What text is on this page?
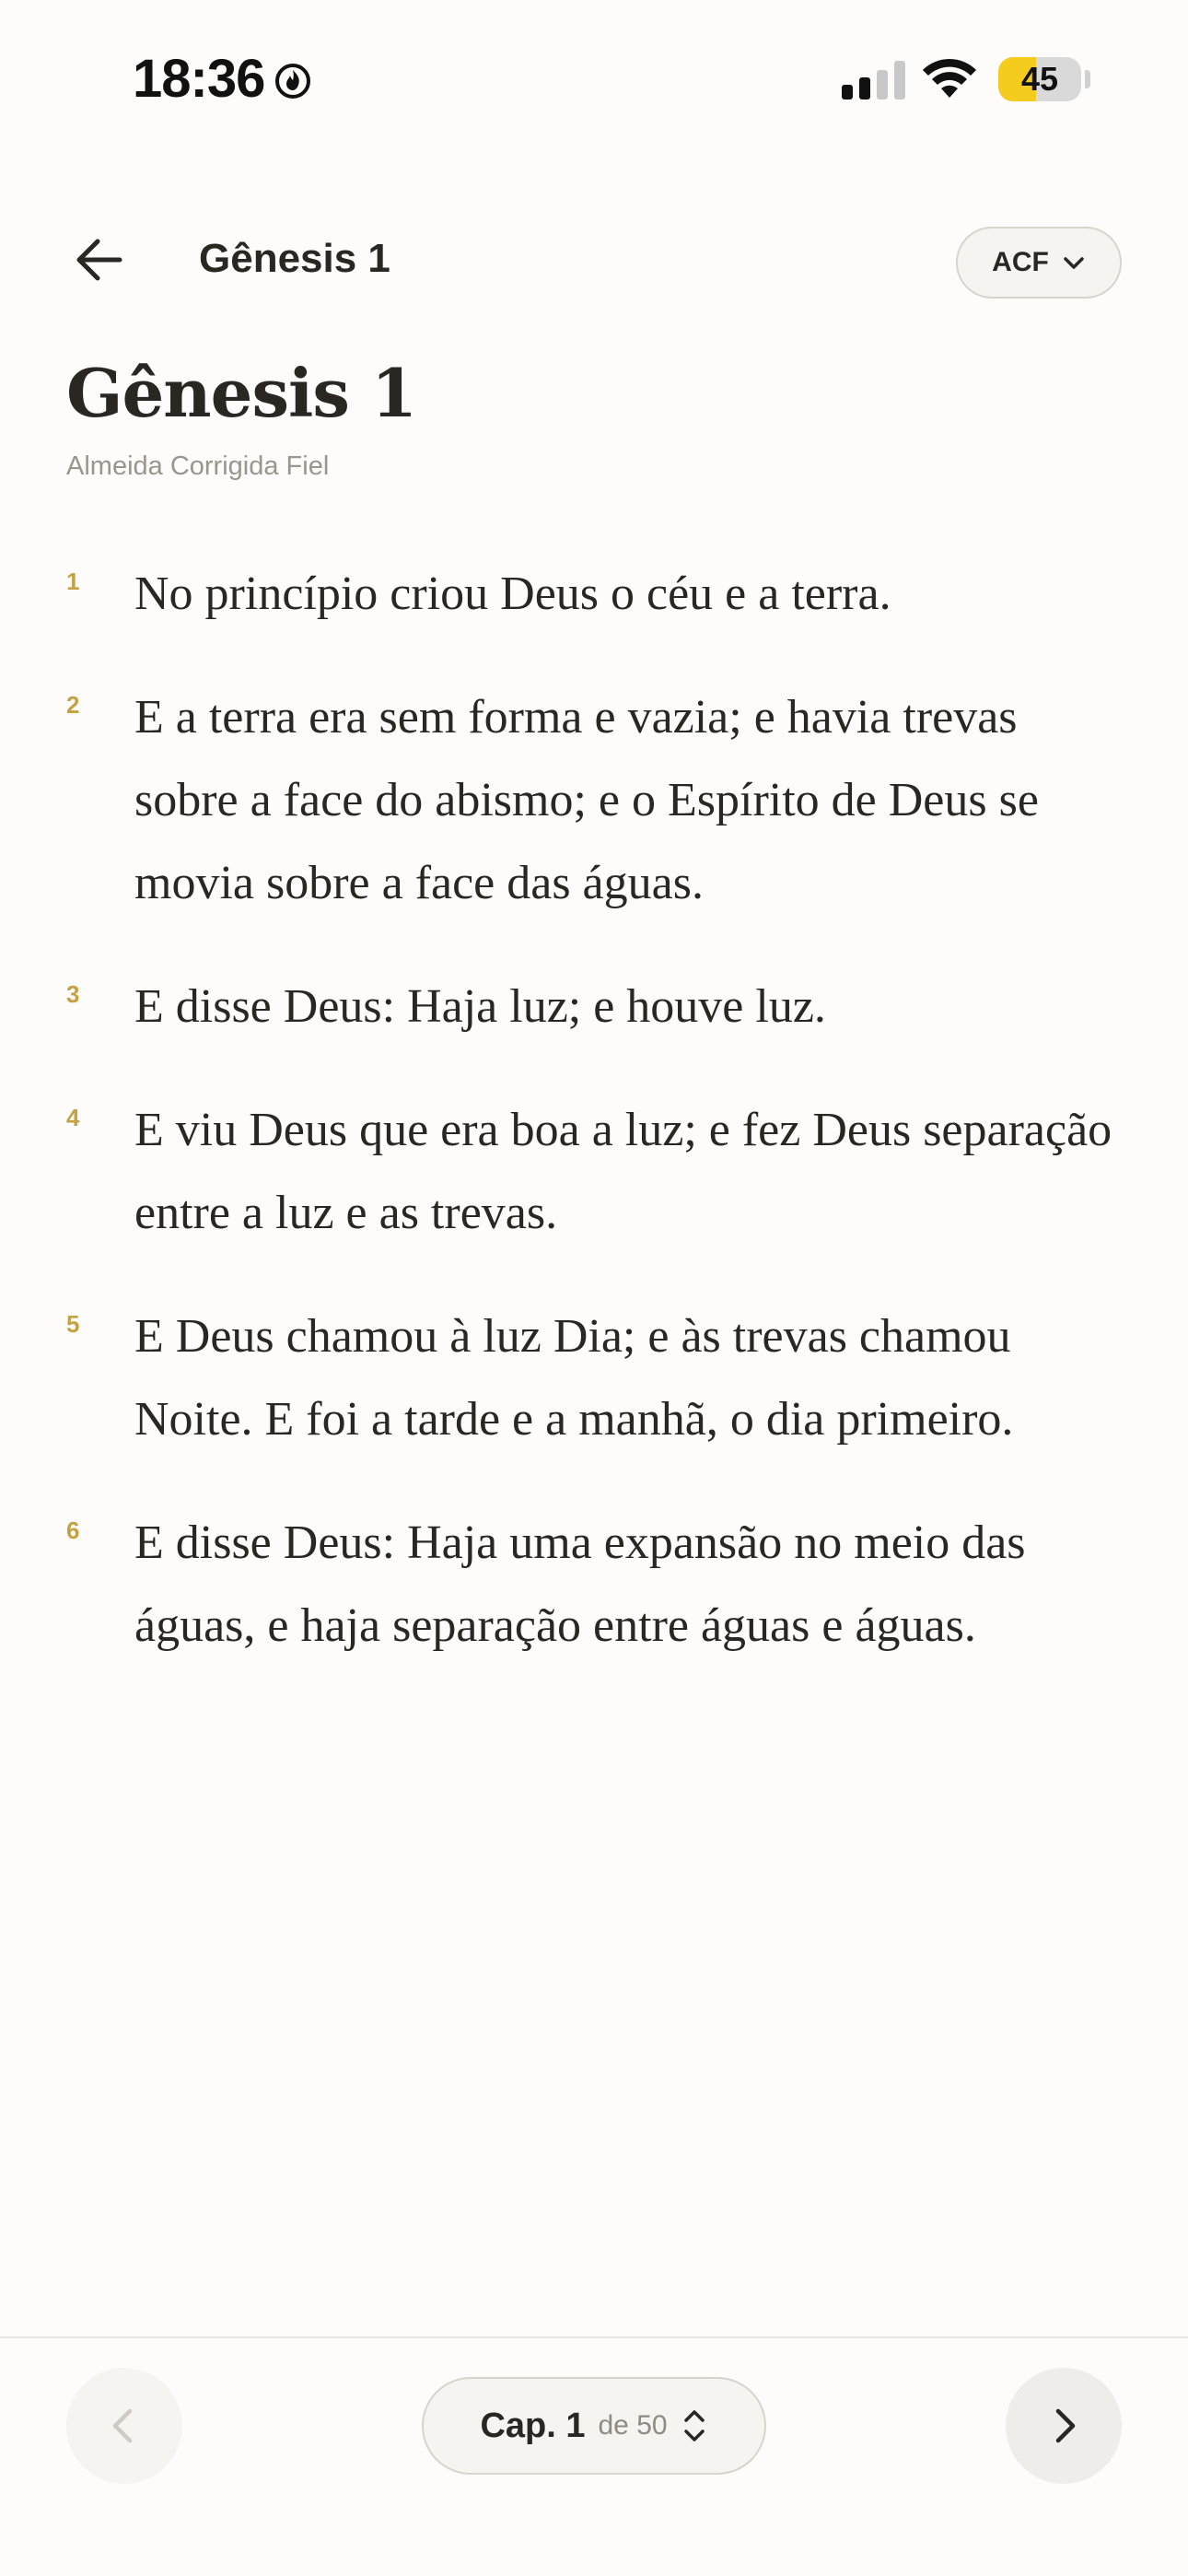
18:36	45
Gênesis 1	ACF
Gênesis 1
Almeida Corrigida Fiel
1 No princípio criou Deus o céu e a terra.

2 E a terra era sem forma e vazia; e havia trevas sobre a face do abismo; e o Espírito de Deus se movia sobre a face das águas.

3 E disse Deus: Haja luz; e houve luz.

4 E viu Deus que era boa a luz; e fez Deus separação entre a luz e as trevas.

5 E Deus chamou à luz Dia; e às trevas chamou Noite. E foi a tarde e a manhã, o dia primeiro.

6 E disse Deus: Haja uma expansão no meio das águas, e haja separação entre águas e águas.

Cap. 1 de 50
